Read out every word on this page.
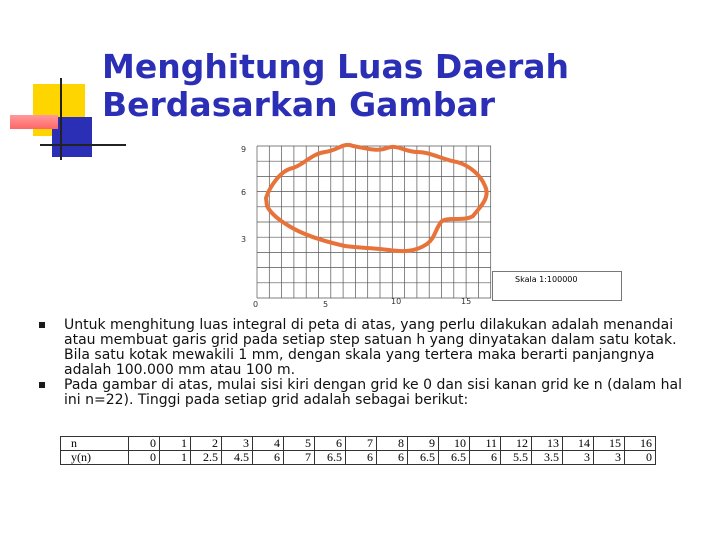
Menghitung Luas Daerah
Berdasarkan Gambar
9
6
3
0	5	10	15
Skala 1:100000
Untuk menghitung luas integral di peta di atas, yang perlu dilakukan adalah menandai atau membuat garis grid pada setiap step satuan h yang dinyatakan dalam satu kotak. Bila satu kotak mewakili 1 mm, dengan skala yang tertera maka berarti panjangnya adalah 100.000 mm atau 100 m.
Pada gambar di atas, mulai sisi kiri dengan grid ke 0 dan sisi kanan grid ke n (dalam hal ini n=22). Tinggi pada setiap grid adalah sebagai berikut:
n	0	1	2	3	4	5	6	7	8	9	10	11	12	13	14	15	16
y(n)	0	1	2.5	4.5	6	7	6.5	6	6	6.5	6.5	6	5.5	3.5	3	3	0
